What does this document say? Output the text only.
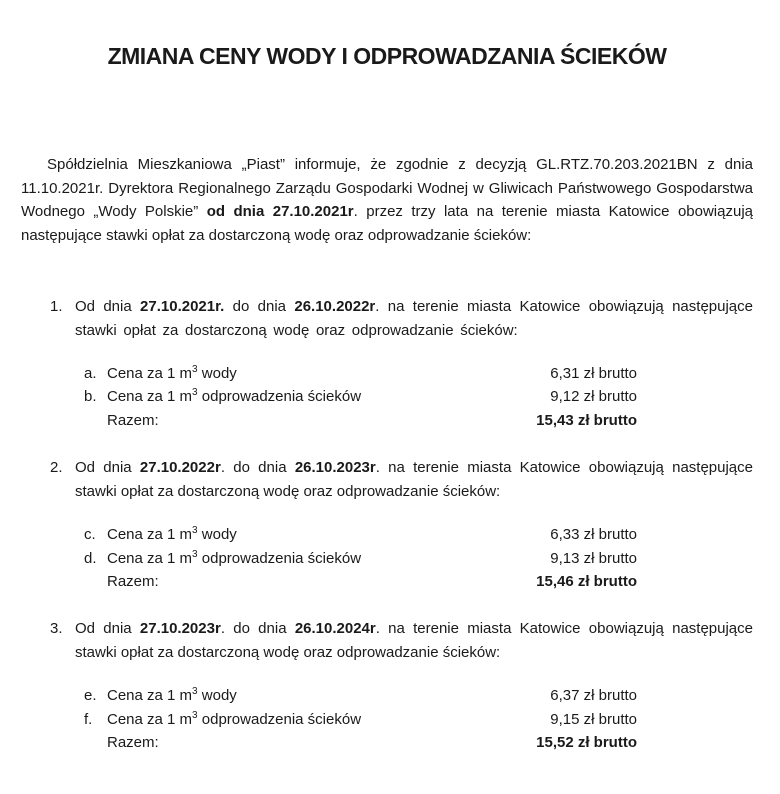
ZMIANA CENY WODY I ODPROWADZANIA ŚCIEKÓW

Spółdzielnia Mieszkaniowa „Piast” informuje, że zgodnie z decyzją GL.RTZ.70.203.2021BN z dnia 11.10.2021r. Dyrektora Regionalnego Zarządu Gospodarki Wodnej w Gliwicach Państwowego Gospodarstwa Wodnego „Wody Polskie” od dnia 27.10.2021r. przez trzy lata na terenie miasta Katowice obowiązują następujące stawki opłat za dostarczoną wodę oraz odprowadzanie ścieków:

1. Od dnia 27.10.2021r. do dnia 26.10.2022r. na terenie miasta Katowice obowiązują następujące stawki opłat za dostarczoną wodę oraz odprowadzanie ścieków:

a. Cena za 1 $m^3$ wody	6,31 zł brutto
b. Cena za 1 $m^3$ odprowadzenia ścieków	9,12 zł brutto
Razem:	15,43 zł brutto
2. Od dnia 27.10.2022r. do dnia 26.10.2023r. na terenie miasta Katowice obowiązują następujące stawki opłat za dostarczoną wodę oraz odprowadzanie ścieków:

c. Cena za 1 $m^3$ wody	6,33 zł brutto
d. Cena za 1 $m^3$ odprowadzenia ścieków	9,13 zł brutto
Razem:	15,46 zł brutto
3. Od dnia 27.10.2023r. do dnia 26.10.2024r. na terenie miasta Katowice obowiązują następujące stawki opłat za dostarczoną wodę oraz odprowadzanie ścieków:

e. Cena za 1 $m^3$ wody	6,37 zł brutto
f. Cena za 1 $m^3$ odprowadzenia ścieków	9,15 zł brutto
Razem:	15,52 zł brutto
